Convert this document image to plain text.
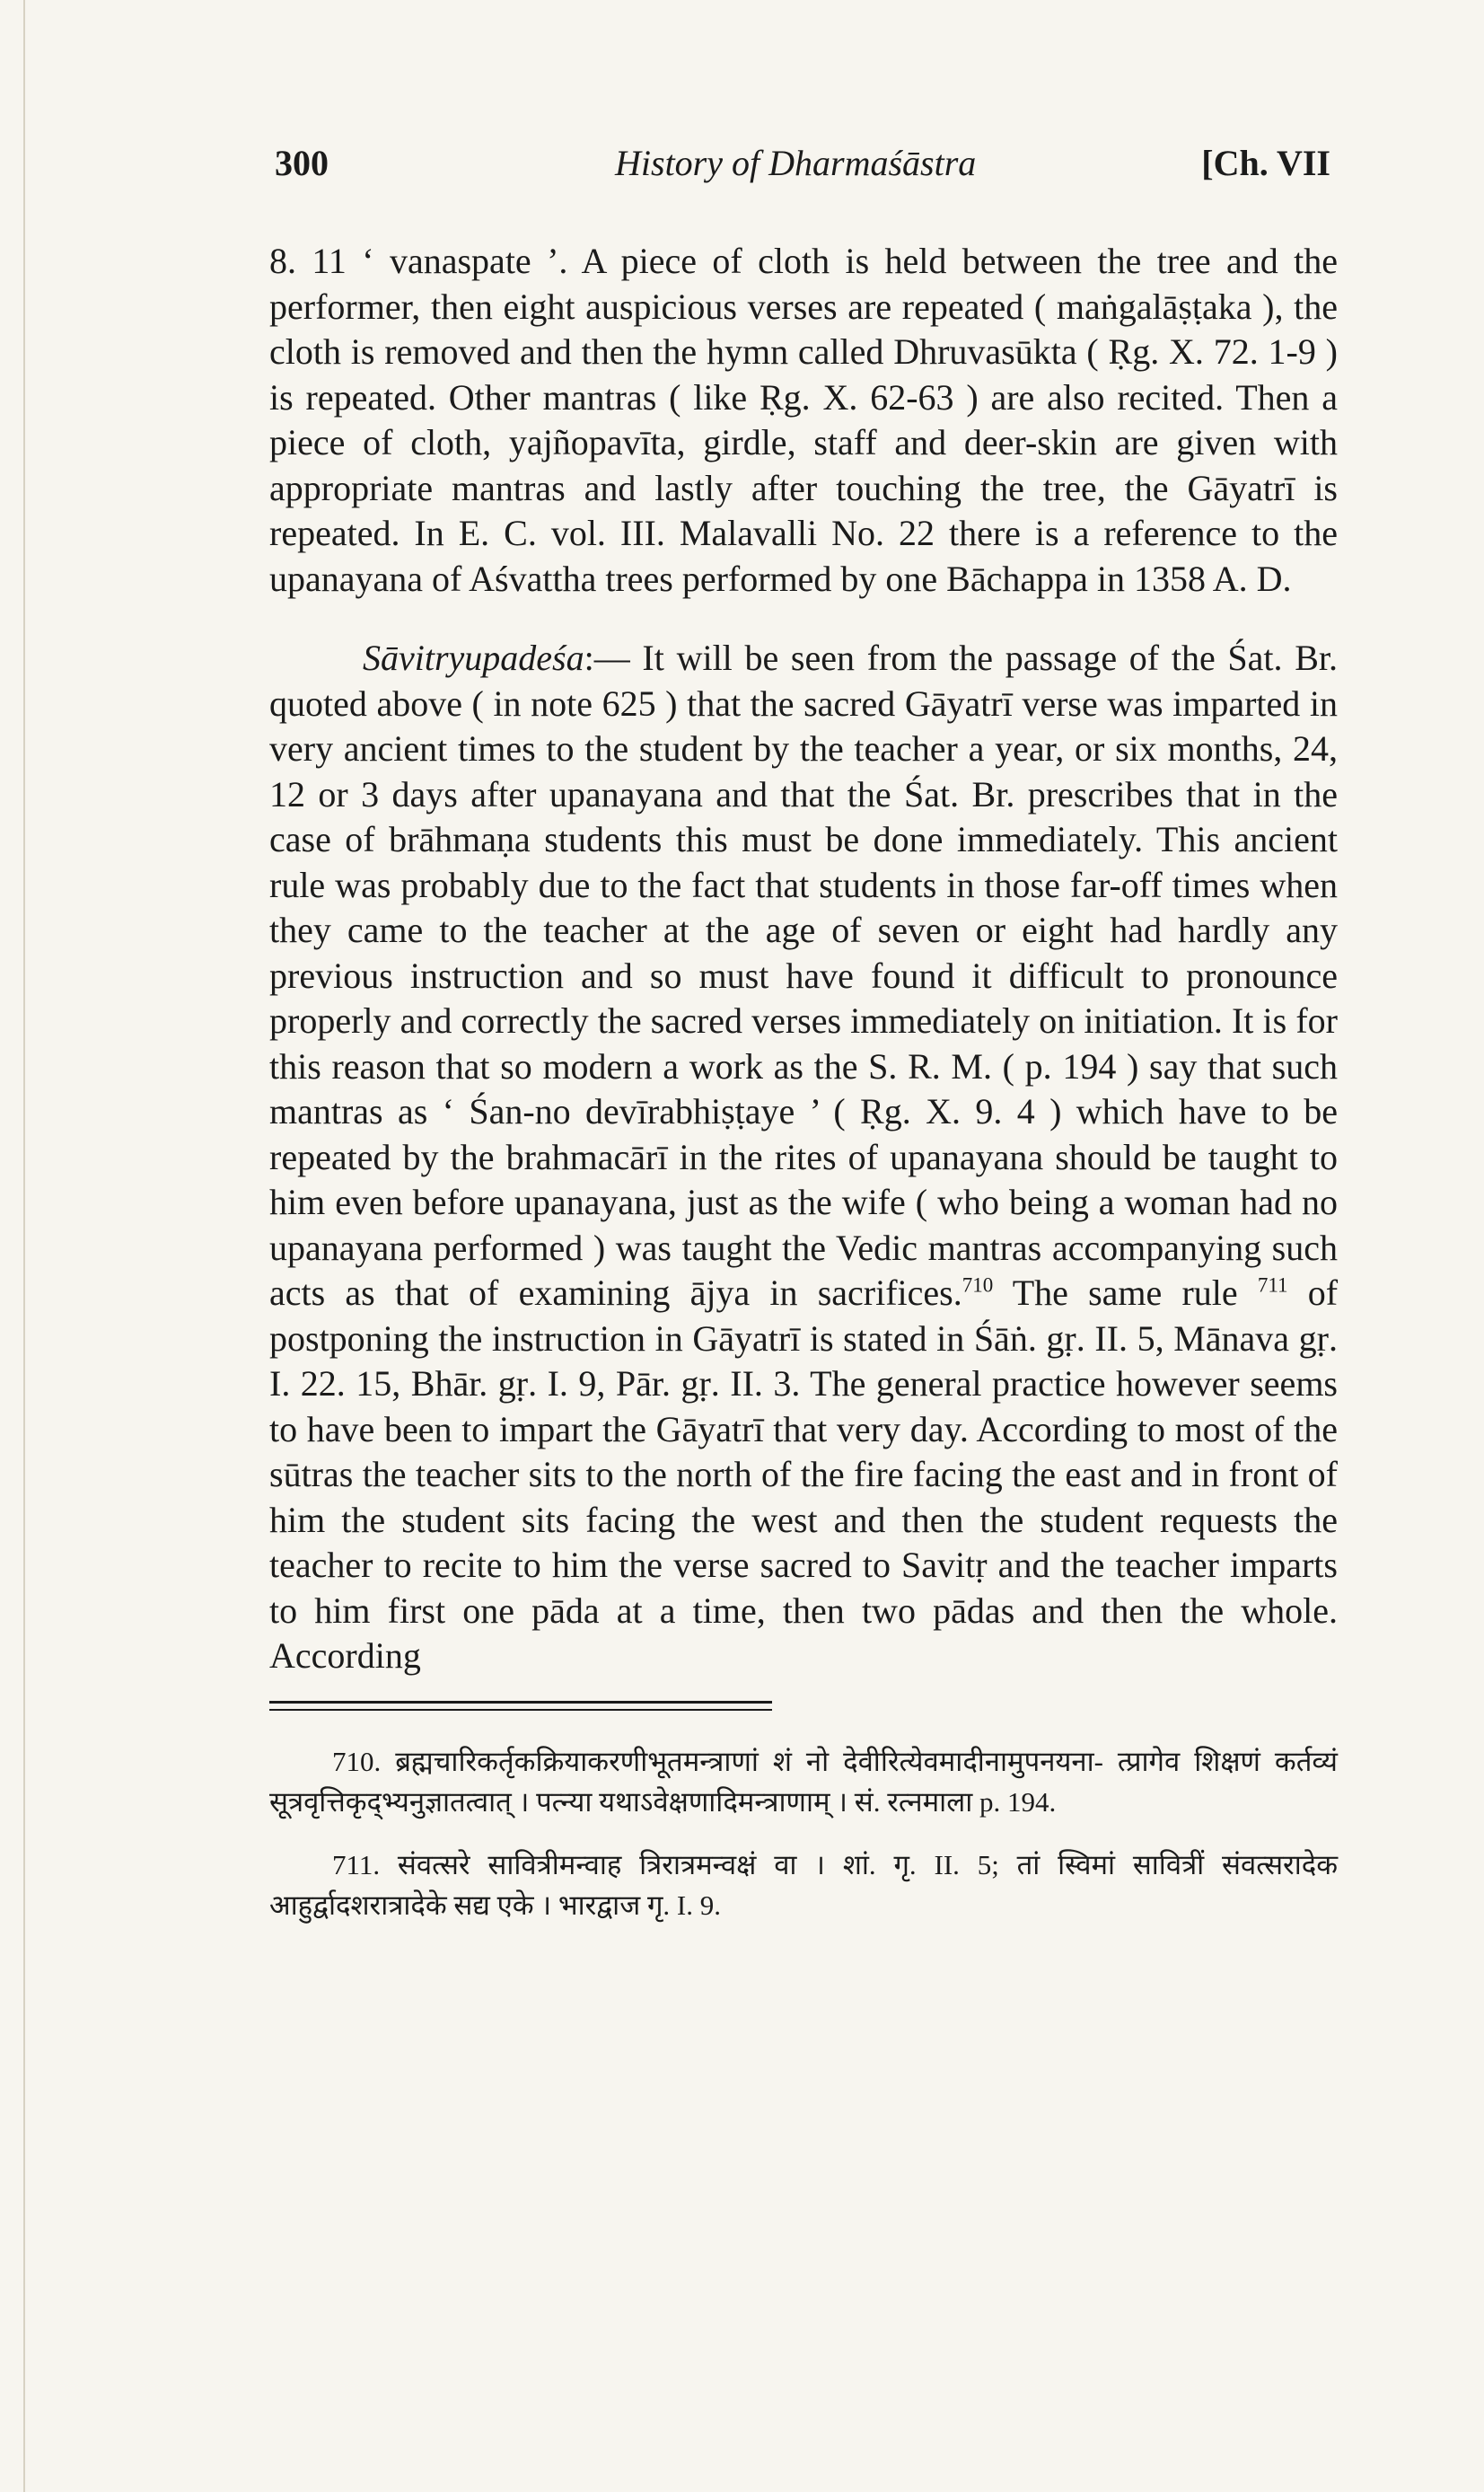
300	History of Dharmaśāstra	[Ch. VII

8. 11 ‘ vanaspate ’. A piece of cloth is held between the tree and the performer, then eight auspicious verses are repeated ( maṅgalāṣṭaka ), the cloth is removed and then the hymn called Dhruvasūkta ( Ṛg. X. 72. 1-9 ) is repeated. Other mantras ( like Ṛg. X. 62-63 ) are also recited. Then a piece of cloth, yajñopavīta, girdle, staff and deer-skin are given with appropriate mantras and lastly after touching the tree, the Gāyatrī is repeated. In E. C. vol. III. Malavalli No. 22 there is a reference to the upanayana of Aśvattha trees performed by one Bāchappa in 1358 A. D.

Sāvitryupadeśa:— It will be seen from the passage of the Śat. Br. quoted above ( in note 625 ) that the sacred Gāyatrī verse was imparted in very ancient times to the student by the teacher a year, or six months, 24, 12 or 3 days after upanayana and that the Śat. Br. prescribes that in the case of brāhmaṇa students this must be done immediately. This ancient rule was probably due to the fact that students in those far-off times when they came to the teacher at the age of seven or eight had hardly any previous instruction and so must have found it difficult to pronounce properly and correctly the sacred verses immediately on initiation. It is for this reason that so modern a work as the S. R. M. ( p. 194 ) say that such mantras as ‘ Śan-no devīrabhiṣṭaye ’ ( Ṛg. X. 9. 4 ) which have to be repeated by the brahmacārī in the rites of upanayana should be taught to him even before upanayana, just as the wife ( who being a woman had no upanayana performed ) was taught the Vedic mantras accompanying such acts as that of examining ājya in sacrifices.$^{710}$ The same rule $^{711}$ of postponing the instruction in Gāyatrī is stated in Śāṅ. gṛ. II. 5, Mānava gṛ. I. 22. 15, Bhār. gṛ. I. 9, Pār. gṛ. II. 3. The general practice however seems to have been to impart the Gāyatrī that very day. According to most of the sūtras the teacher sits to the north of the fire facing the east and in front of him the student sits facing the west and then the student requests the teacher to recite to him the verse sacred to Savitṛ and the teacher imparts to him first one pāda at a time, then two pādas and then the whole. According

710. ब्रह्मचारिकर्तृकक्रियाकरणीभूतमन्त्राणां शं नो देवीरित्येवमादीनामुपनयना- त्प्रागेव शिक्षणं कर्तव्यं सूत्रवृत्तिकृद्भ्यनुज्ञातत्वात् । पत्न्या यथाऽवेक्षणादिमन्त्राणाम् । सं. रत्नमाला p. 194.

711. संवत्सरे सावित्रीमन्वाह त्रिरात्रमन्वक्षं वा । शां. गृ. II. 5; तां स्विमां सावित्रीं संवत्सरादेक आहुर्द्वादशरात्रादेके सद्य एके । भारद्वाज गृ. I. 9.
